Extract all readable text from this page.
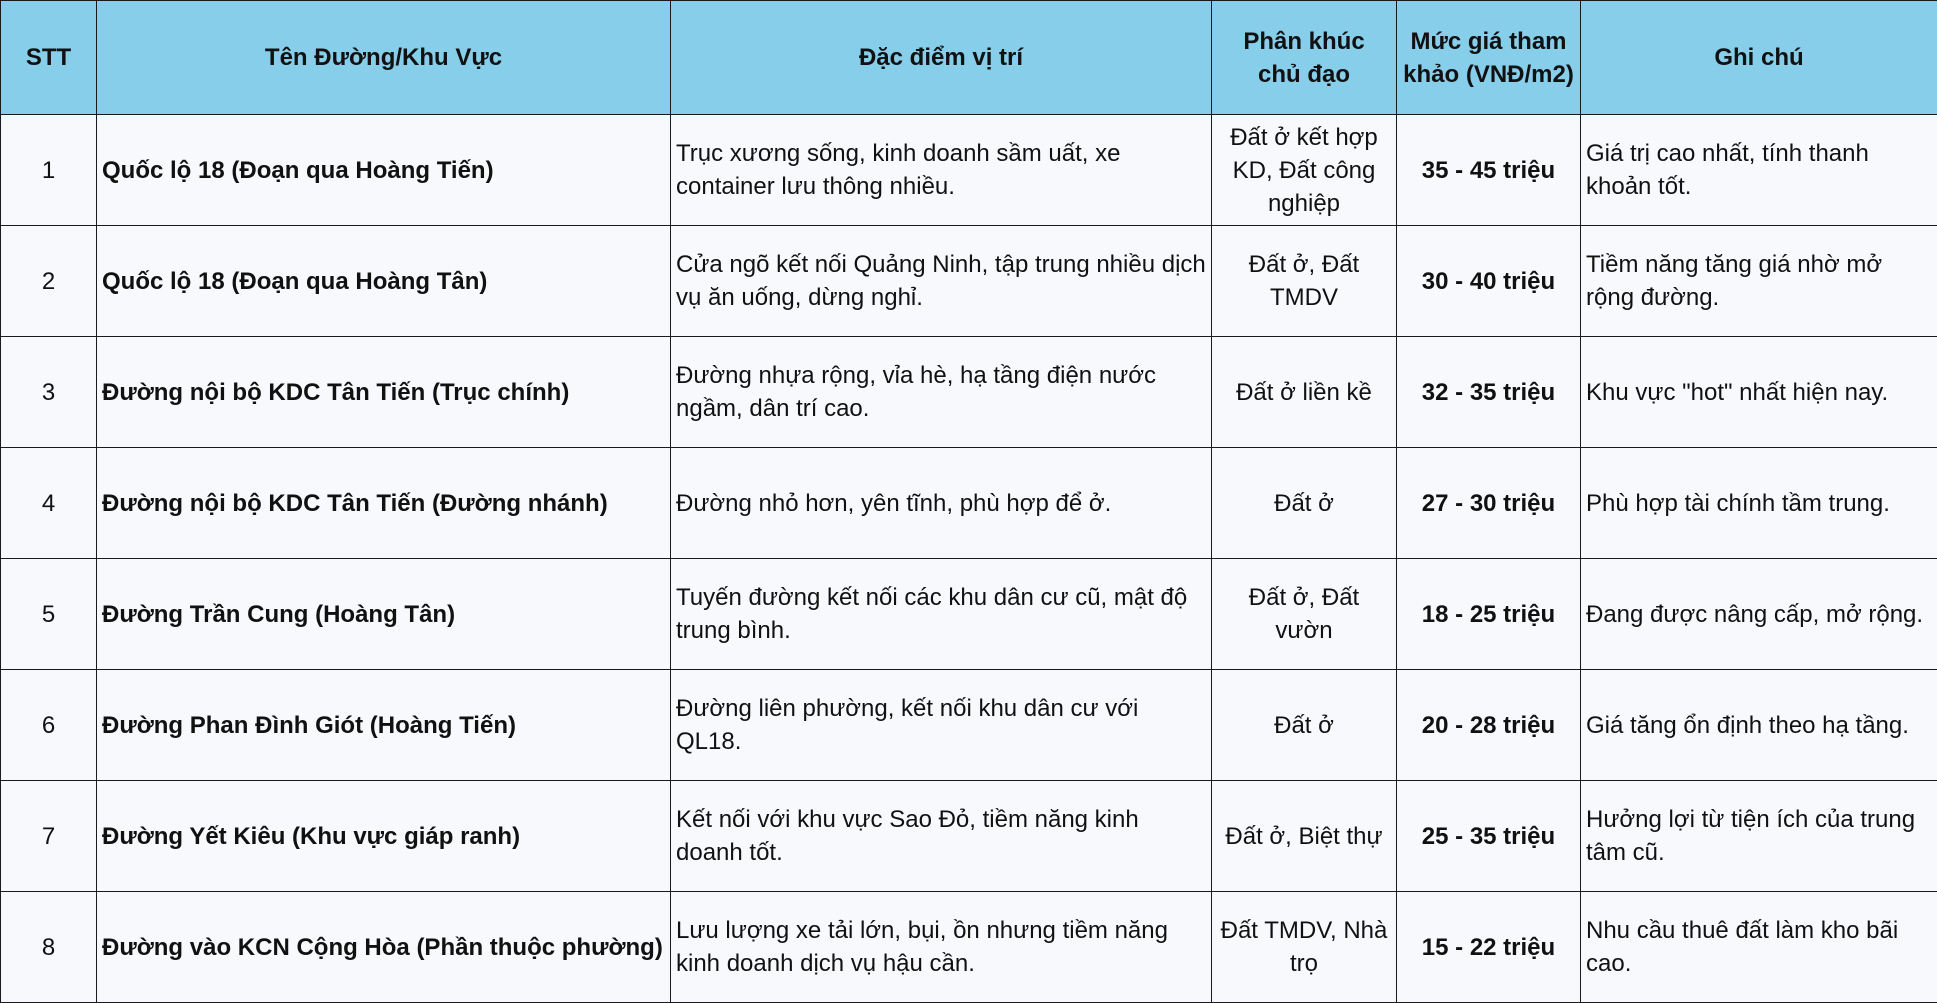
STT	Tên Đường/Khu Vực	Đặc điểm vị trí	Phân khúc chủ đạo	Mức giá tham khảo (VNĐ/m2)	Ghi chú
1	Quốc lộ 18 (Đoạn qua Hoàng Tiến)	Trục xương sống, kinh doanh sầm uất, xe container lưu thông nhiều.	Đất ở kết hợp KD, Đất công nghiệp	35 - 45 triệu	Giá trị cao nhất, tính thanh khoản tốt.
2	Quốc lộ 18 (Đoạn qua Hoàng Tân)	Cửa ngõ kết nối Quảng Ninh, tập trung nhiều dịch vụ ăn uống, dừng nghỉ.	Đất ở, Đất TMDV	30 - 40 triệu	Tiềm năng tăng giá nhờ mở rộng đường.
3	Đường nội bộ KDC Tân Tiến (Trục chính)	Đường nhựa rộng, vỉa hè, hạ tầng điện nước ngầm, dân trí cao.	Đất ở liền kề	32 - 35 triệu	Khu vực "hot" nhất hiện nay.
4	Đường nội bộ KDC Tân Tiến (Đường nhánh)	Đường nhỏ hơn, yên tĩnh, phù hợp để ở.	Đất ở	27 - 30 triệu	Phù hợp tài chính tầm trung.
5	Đường Trần Cung (Hoàng Tân)	Tuyến đường kết nối các khu dân cư cũ, mật độ trung bình.	Đất ở, Đất vườn	18 - 25 triệu	Đang được nâng cấp, mở rộng.
6	Đường Phan Đình Giót (Hoàng Tiến)	Đường liên phường, kết nối khu dân cư với QL18.	Đất ở	20 - 28 triệu	Giá tăng ổn định theo hạ tầng.
7	Đường Yết Kiêu (Khu vực giáp ranh)	Kết nối với khu vực Sao Đỏ, tiềm năng kinh doanh tốt.	Đất ở, Biệt thự	25 - 35 triệu	Hưởng lợi từ tiện ích của trung tâm cũ.
8	Đường vào KCN Cộng Hòa (Phần thuộc phường)	Lưu lượng xe tải lớn, bụi, ồn nhưng tiềm năng kinh doanh dịch vụ hậu cần.	Đất TMDV, Nhà trọ	15 - 22 triệu	Nhu cầu thuê đất làm kho bãi cao.
